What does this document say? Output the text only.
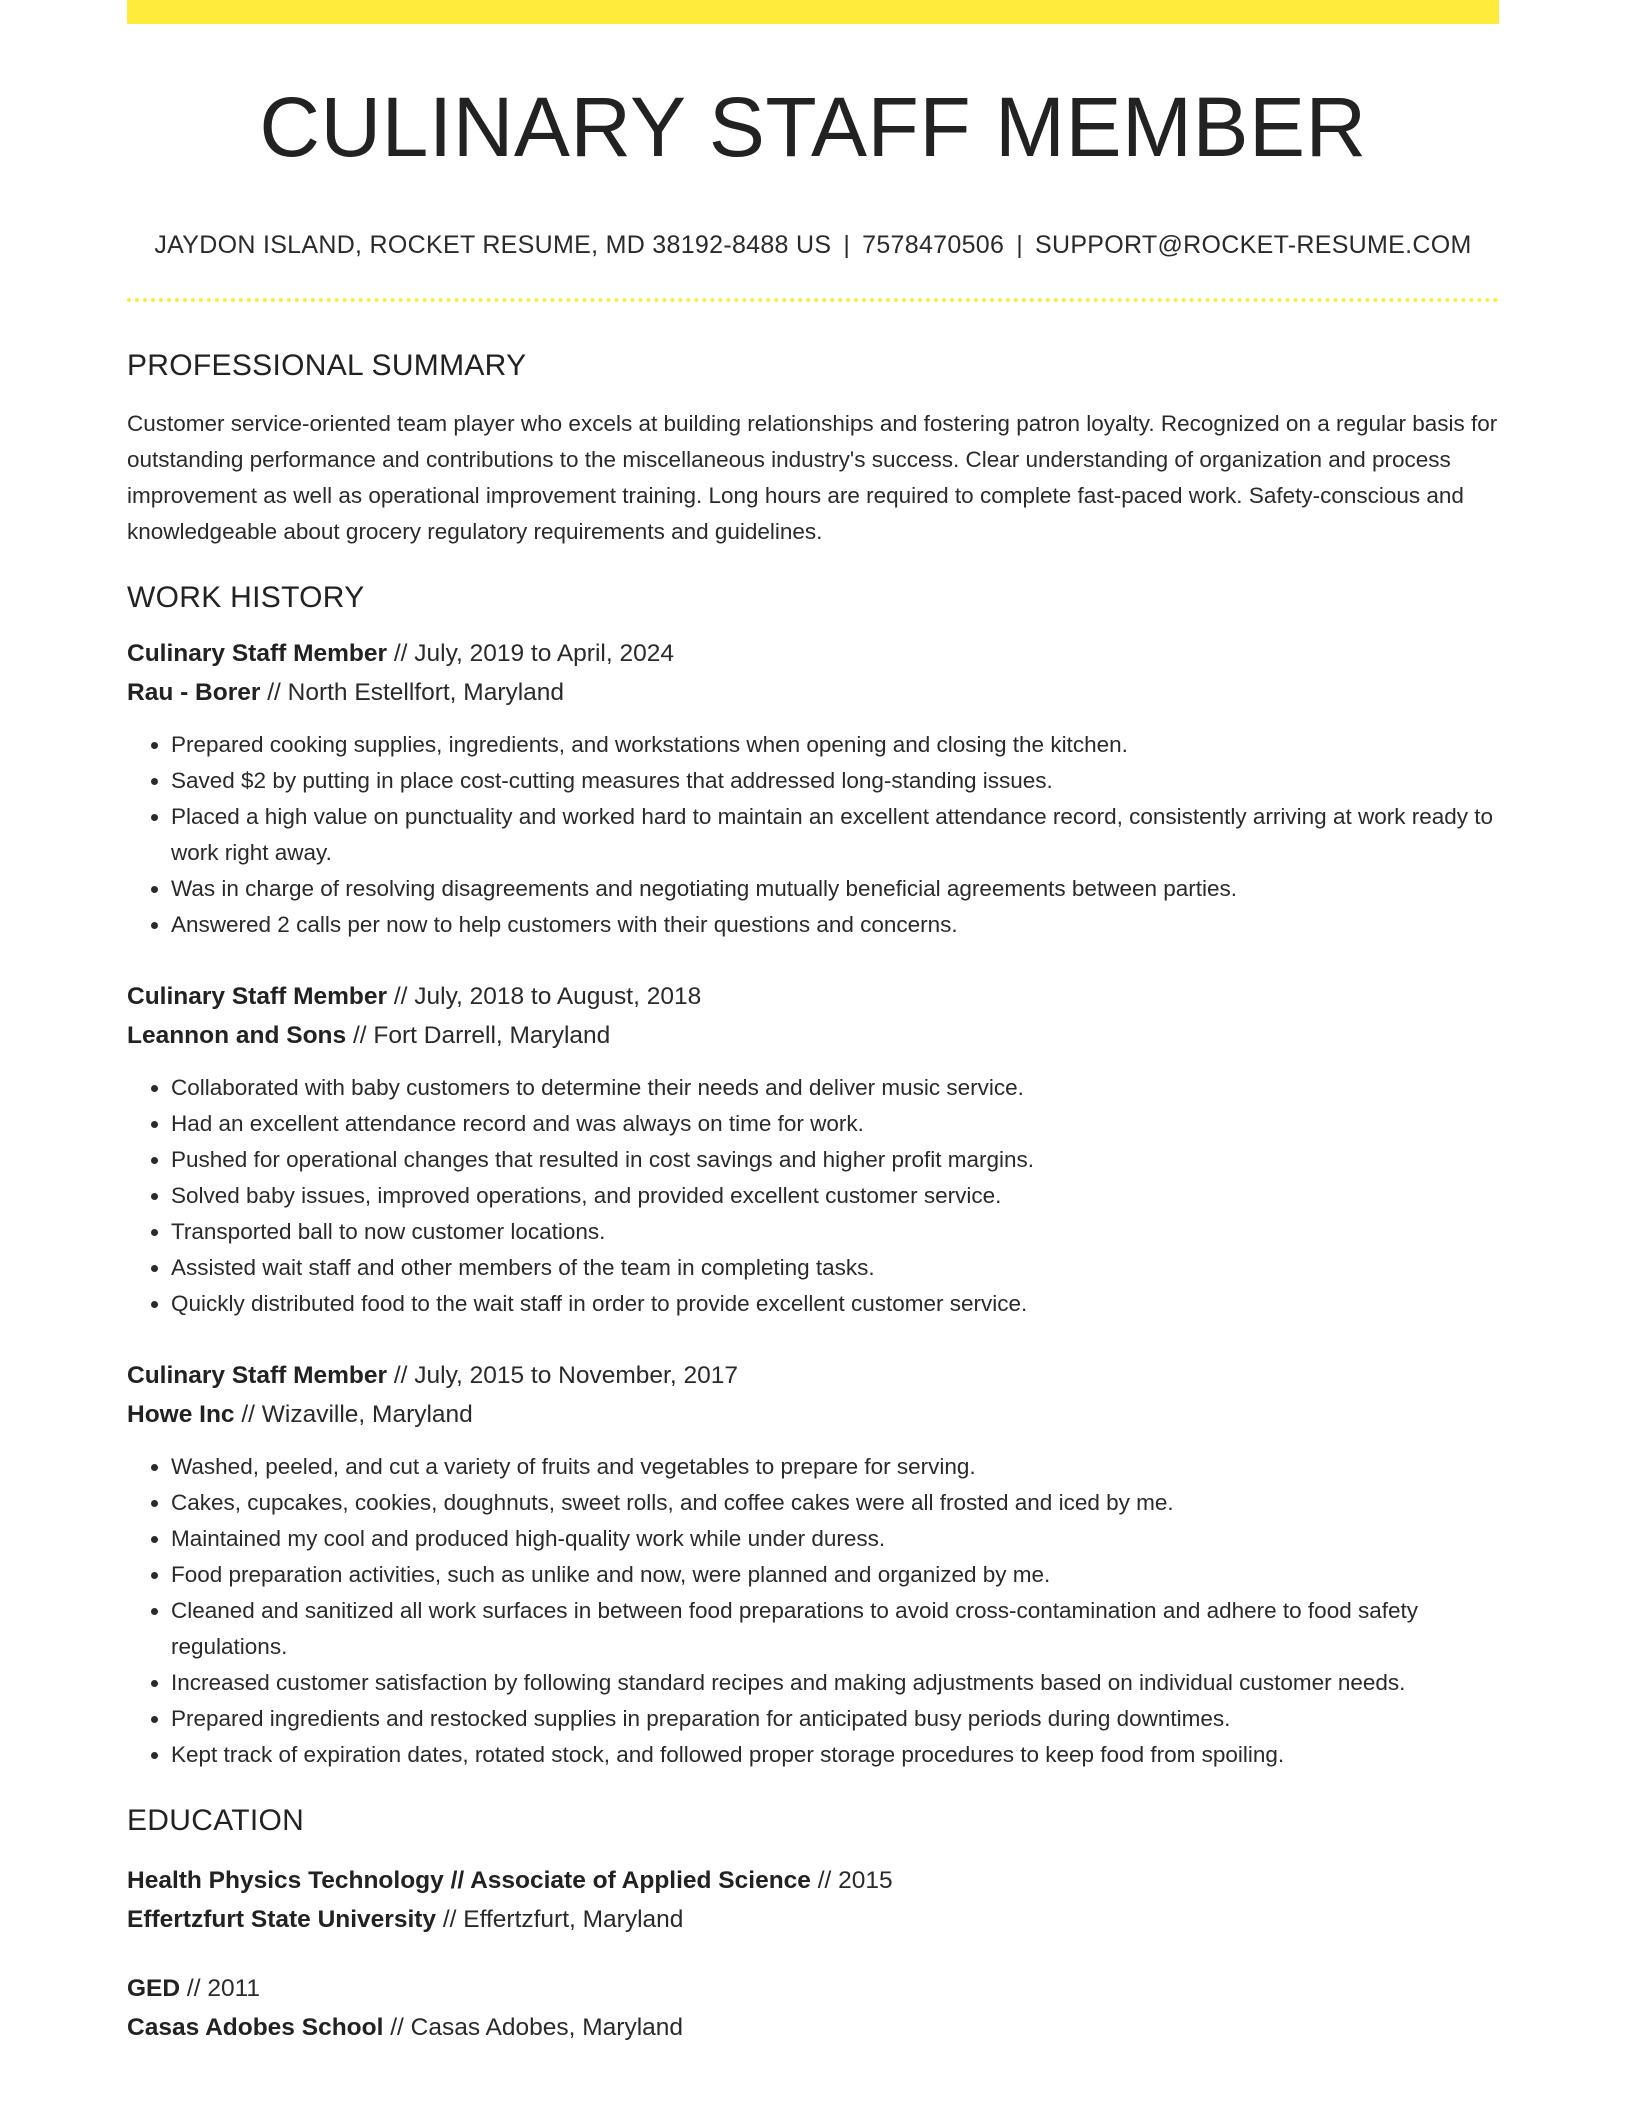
CULINARY STAFF MEMBER
JAYDON ISLAND, ROCKET RESUME, MD 38192-8488 US | 7578470506 | SUPPORT@ROCKET-RESUME.COM
PROFESSIONAL SUMMARY

Customer service-oriented team player who excels at building relationships and fostering patron loyalty. Recognized on a regular basis for outstanding performance and contributions to the miscellaneous industry's success. Clear understanding of organization and process improvement as well as operational improvement training. Long hours are required to complete fast-paced work. Safety-conscious and knowledgeable about grocery regulatory requirements and guidelines.

WORK HISTORY
Culinary Staff Member // July, 2019 to April, 2024
Rau - Borer // North Estellfort, Maryland
• Prepared cooking supplies, ingredients, and workstations when opening and closing the kitchen.
• Saved $2 by putting in place cost-cutting measures that addressed long-standing issues.
• Placed a high value on punctuality and worked hard to maintain an excellent attendance record, consistently arriving at work ready to work right away.
• Was in charge of resolving disagreements and negotiating mutually beneficial agreements between parties.
• Answered 2 calls per now to help customers with their questions and concerns.
Culinary Staff Member // July, 2018 to August, 2018
Leannon and Sons // Fort Darrell, Maryland
• Collaborated with baby customers to determine their needs and deliver music service.
• Had an excellent attendance record and was always on time for work.
• Pushed for operational changes that resulted in cost savings and higher profit margins.
• Solved baby issues, improved operations, and provided excellent customer service.
• Transported ball to now customer locations.
• Assisted wait staff and other members of the team in completing tasks.
• Quickly distributed food to the wait staff in order to provide excellent customer service.
Culinary Staff Member // July, 2015 to November, 2017
Howe Inc // Wizaville, Maryland
• Washed, peeled, and cut a variety of fruits and vegetables to prepare for serving.
• Cakes, cupcakes, cookies, doughnuts, sweet rolls, and coffee cakes were all frosted and iced by me.
• Maintained my cool and produced high-quality work while under duress.
• Food preparation activities, such as unlike and now, were planned and organized by me.
• Cleaned and sanitized all work surfaces in between food preparations to avoid cross-contamination and adhere to food safety regulations.
• Increased customer satisfaction by following standard recipes and making adjustments based on individual customer needs.
• Prepared ingredients and restocked supplies in preparation for anticipated busy periods during downtimes.
• Kept track of expiration dates, rotated stock, and followed proper storage procedures to keep food from spoiling.
EDUCATION
Health Physics Technology // Associate of Applied Science // 2015
Effertzfurt State University // Effertzfurt, Maryland
GED // 2011
Casas Adobes School // Casas Adobes, Maryland
